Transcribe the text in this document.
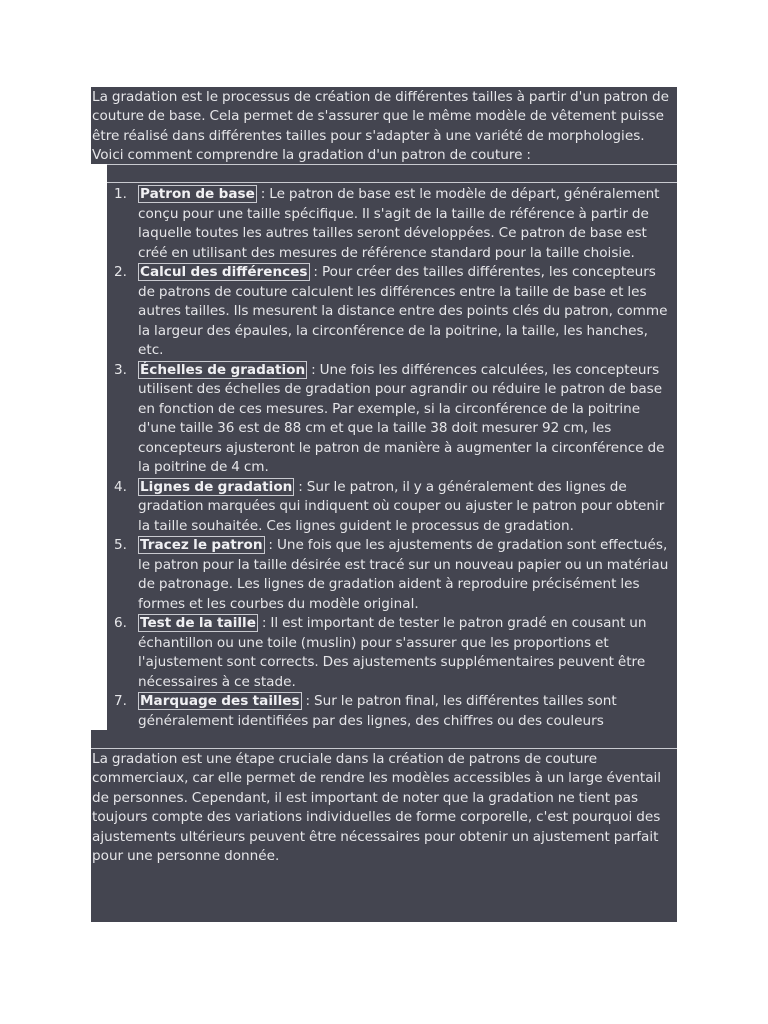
La gradation est le processus de création de différentes tailles à partir d'un patron de couture de base. Cela permet de s'assurer que le même modèle de vêtement puisse être réalisé dans différentes tailles pour s'adapter à une variété de morphologies. Voici comment comprendre la gradation d'un patron de couture :

1. Patron de base : Le patron de base est le modèle de départ, généralement conçu pour une taille spécifique. Il s'agit de la taille de référence à partir de laquelle toutes les autres tailles seront développées. Ce patron de base est créé en utilisant des mesures de référence standard pour la taille choisie.
2. Calcul des différences : Pour créer des tailles différentes, les concepteurs de patrons de couture calculent les différences entre la taille de base et les autres tailles. Ils mesurent la distance entre des points clés du patron, comme la largeur des épaules, la circonférence de la poitrine, la taille, les hanches, etc.
3. Échelles de gradation : Une fois les différences calculées, les concepteurs utilisent des échelles de gradation pour agrandir ou réduire le patron de base en fonction de ces mesures. Par exemple, si la circonférence de la poitrine d'une taille 36 est de 88 cm et que la taille 38 doit mesurer 92 cm, les concepteurs ajusteront le patron de manière à augmenter la circonférence de la poitrine de 4 cm.
4. Lignes de gradation : Sur le patron, il y a généralement des lignes de gradation marquées qui indiquent où couper ou ajuster le patron pour obtenir la taille souhaitée. Ces lignes guident le processus de gradation.
5. Tracez le patron : Une fois que les ajustements de gradation sont effectués, le patron pour la taille désirée est tracé sur un nouveau papier ou un matériau de patronage. Les lignes de gradation aident à reproduire précisément les formes et les courbes du modèle original.
6. Test de la taille : Il est important de tester le patron gradé en cousant un échantillon ou une toile (muslin) pour s'assurer que les proportions et l'ajustement sont corrects. Des ajustements supplémentaires peuvent être nécessaires à ce stade.
7. Marquage des tailles : Sur le patron final, les différentes tailles sont généralement identifiées par des lignes, des chiffres ou des couleurs

La gradation est une étape cruciale dans la création de patrons de couture commerciaux, car elle permet de rendre les modèles accessibles à un large éventail de personnes. Cependant, il est important de noter que la gradation ne tient pas toujours compte des variations individuelles de forme corporelle, c'est pourquoi des ajustements ultérieurs peuvent être nécessaires pour obtenir un ajustement parfait pour une personne donnée.
